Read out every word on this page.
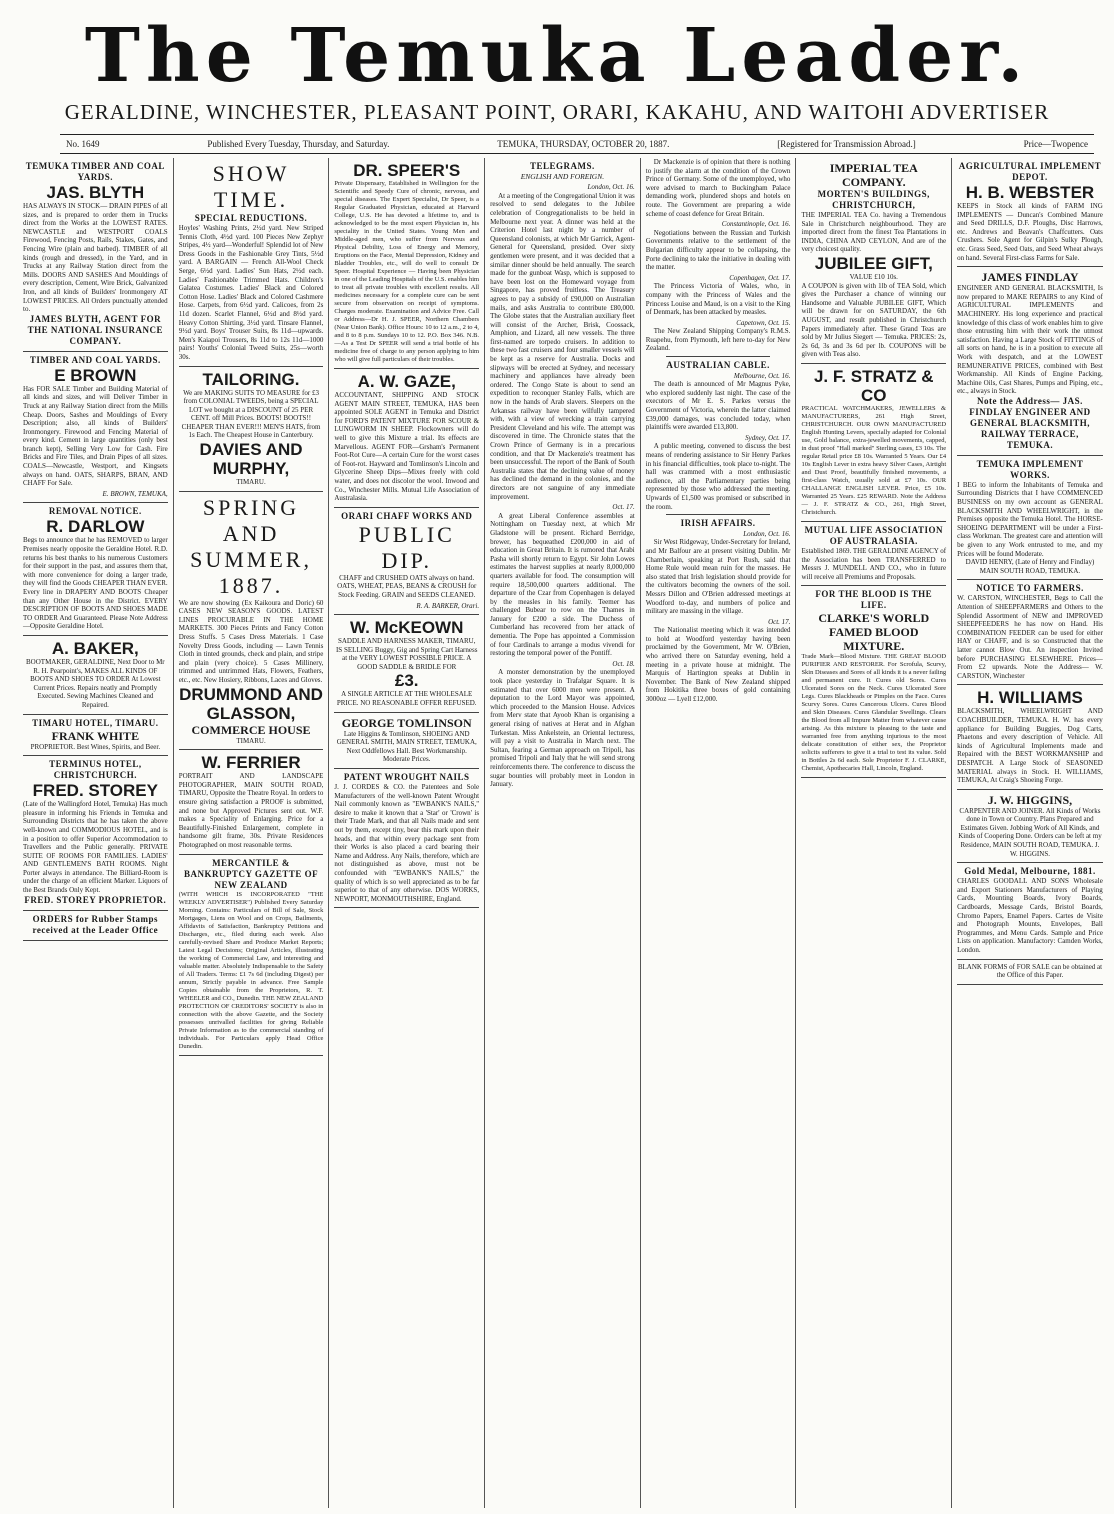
The Temuka Leader.
GERALDINE, WINCHESTER, PLEASANT POINT, ORARI, KAKAHU, AND WAITOHI ADVERTISER
No. 1649	Published Every Tuesday, Thursday, and Saturday.	TEMUKA, THURSDAY, OCTOBER 20, 1887.	[Registered for Transmission Abroad.]	Price—Twopence
TEMUKA TIMBER AND COAL YARDS.
JAS. BLYTH
HAS ALWAYS IN STOCK— DRAIN PIPES of all sizes, and is prepared to order them in Trucks direct from the Works at the LOWEST RATES. NEWCASTLE and WESTPORT COALS Firewood, Fencing Posts, Rails, Stakes, Gates, and Fencing Wire (plain and barbed). TIMBER of all kinds (rough and dressed), in the Yard, and in Trucks at any Railway Station direct from the Mills. DOORS AND SASHES And Mouldings of every description, Cement, Wire Brick, Galvanized Iron, and all kinds of Builders' Ironmongery AT LOWEST PRICES. All Orders punctually attended to.
JAMES BLYTH, AGENT FOR THE NATIONAL INSURANCE COMPANY.
TIMBER AND COAL YARDS.
E BROWN
Has FOR SALE Timber and Building Material of all kinds and sizes, and will Deliver Timber in Truck at any Railway Station direct from the Mills Cheap. Doors, Sashes and Mouldings of Every Description; also, all kinds of Builders' Ironmongery. Firewood and Fencing Material of every kind. Cement in large quantities (only best branch kept), Selling Very Low for Cash. Fire Bricks and Fire Tiles, and Drain Pipes of all sizes. COALS—Newcastle, Westport, and Kingsets always on hand. OATS, SHARPS, BRAN, AND CHAFF For Sale.
E. BROWN, TEMUKA,
REMOVAL NOTICE.
R. DARLOW
Begs to announce that he has REMOVED to larger Premises nearly opposite the Geraldine Hotel. R.D. returns his best thanks to his numerous Customers for their support in the past, and assures them that, with more convenience for doing a larger trade, they will find the Goods CHEAPER THAN EVER. Every line in DRAPERY AND BOOTS Cheaper than any Other House in the District. EVERY DESCRIPTION OF BOOTS AND SHOES MADE TO ORDER And Guaranteed. Please Note Address—Opposite Geraldine Hotel.
A. BAKER,
BOOTMAKER, GERALDINE, Next Door to Mr R. H. Pearpoint's, MAKES ALL KINDS OF BOOTS AND SHOES TO ORDER At Lowest Current Prices. Repairs neatly and Promptly Executed. Sewing Machines Cleaned and Repaired.
TIMARU HOTEL, TIMARU.
FRANK WHITE
PROPRIETOR. Best Wines, Spirits, and Beer.
TERMINUS HOTEL, CHRISTCHURCH.
FRED. STOREY
(Late of the Wallingford Hotel, Temuka) Has much pleasure in informing his Friends in Temuka and Surrounding Districts that he has taken the above well-known and COMMODIOUS HOTEL, and is in a position to offer Superior Accommodation to Travellers and the Public generally. PRIVATE SUITE OF ROOMS FOR FAMILIES. LADIES' AND GENTLEMEN'S BATH ROOMS. Night Porter always in attendance. The Billiard-Room is under the charge of an efficient Marker. Liquors of the Best Brands Only Kept.
FRED. STOREY PROPRIETOR.
ORDERS for Rubber Stamps received at the Leader Office
SHOW TIME.
SPECIAL REDUCTIONS.
Hoyles' Washing Prints, 2½d yard. New Striped Tennis Cloth, 4½d yard. 100 Pieces New Zephyr Stripes, 4½ yard—Wonderful! Splendid lot of New Dress Goods in the Fashionable Grey Tints, 5½d yard. A BARGAIN — French All-Wool Check Serge, 6½d yard. Ladies' Sun Hats, 2½d each. Ladies' Fashionable Trimmed Hats. Children's Galatea Costumes. Ladies' Black and Colored Cotton Hose. Ladies' Black and Colored Cashmere Hose. Carpets, from 6½d yard. Calicoes, from 2s 11d dozen. Scarlet Flannel, 6½d and 8½d yard. Heavy Cotton Shirting, 3½d yard. Tinsare Flannel, 9½d yard. Boys' Trouser Suits, 8s 11d—upwards. Men's Kaiapoi Trousers, 8s 11d to 12s 11d—1000 pairs! Youths' Colonial Tweed Suits, 25s—worth 30s.
TAILORING.
We are MAKING SUITS TO MEASURE for £3 from COLONIAL TWEEDS, being a SPECIAL LOT we bought at a DISCOUNT of 25 PER CENT. off Mill Prices. BOOTS! BOOTS!! CHEAPER THAN EVER!!! MEN'S HATS, from 1s Each. The Cheapest House in Canterbury.
DAVIES AND MURPHY,
TIMARU.
SPRING AND SUMMER, 1887.
We are now showing (Ex Kaikoura and Doric) 60 CASES NEW SEASON'S GOODS. LATEST LINES PROCURABLE IN THE HOME MARKETS. 300 Pieces Prints and Fancy Cotton Dress Stuffs. 5 Cases Dress Materials. 1 Case Novelty Dress Goods, including — Lawn Tennis Cloth in tinted grounds, check and plain, and stripe and plain (very choice). 5 Cases Millinery, trimmed and untrimmed Hats, Flowers, Feathers, etc., etc. New Hosiery, Ribbons, Laces and Gloves.
DRUMMOND AND GLASSON,
COMMERCE HOUSE
TIMARU.
W. FERRIER
PORTRAIT AND LANDSCAPE PHOTOGRAPHER, MAIN SOUTH ROAD, TIMARU, Opposite the Theatre Royal. In orders to ensure giving satisfaction a PROOF is submitted, and none but Approved Pictures sent out. W.F. makes a Speciality of Enlarging. Price for a Beautifully-Finished Enlargement, complete in handsome gilt frame, 30s. Private Residences Photographed on most reasonable terms.
MERCANTILE & BANKRUPTCY GAZETTE OF NEW ZEALAND
(WITH WHICH IS INCORPORATED "THE WEEKLY ADVERTISER") Published Every Saturday Morning. Contains: Particulars of Bill of Sale, Stock Mortgages, Liens on Wool and on Crops, Bailments, Affidavits of Satisfaction, Bankruptcy Petitions and Discharges, etc., filed during each week. Also carefully-revised Share and Produce Market Reports; Latest Legal Decisions; Original Articles, illustrating the working of Commercial Law, and interesting and valuable matter. Absolutely Indispensable to the Safety of All Traders. Terms: £1 7s 6d (including Digest) per annum, Strictly payable in advance. Free Sample Copies obtainable from the Proprietors, R. T. WHEELER and CO., Dunedin. THE NEW ZEALAND PROTECTION OF CREDITORS' SOCIETY is also in connection with the above Gazette, and the Society possesses unrivalled facilities for giving Reliable Private Information as to the commercial standing of individuals. For Particulars apply Head Office Dunedin.
DR. SPEER'S
Private Dispensary, Established in Wellington for the Scientific and Speedy Cure of chronic, nervous, and special diseases. The Expert Specialist, Dr Speer, is a Regular Graduated Physician, educated at Harvard College, U.S. He has devoted a lifetime to, and is acknowledged to be the most expert Physician in, his speciality in the United States. Young Men and Middle-aged men, who suffer from Nervous and Physical Debility, Loss of Energy and Memory, Eruptions on the Face, Mental Depression, Kidney and Bladder Troubles, etc., will do well to consult Dr Speer. Hospital Experience — Having been Physician in one of the Leading Hospitals of the U.S. enables him to treat all private troubles with excellent results. All medicines necessary for a complete cure can be sent secure from observation on receipt of symptoms. Charges moderate. Examination and Advice Free. Call or Address—Dr H. J. SPEER, Northern Chambers (Near Union Bank). Office Hours: 10 to 12 a.m., 2 to 4, and 8 to 8 p.m. Sundays 10 to 12. P.O. Box 346. N.B.—As a Test Dr SPEER will send a trial bottle of his medicine free of charge to any person applying to him who will give full particulars of their troubles.
A. W. GAZE,
ACCOUNTANT, SHIPPING AND STOCK AGENT MAIN STREET, TEMUKA, HAS been appointed SOLE AGENT in Temuka and District for FORD'S PATENT MIXTURE FOR SCOUR & LUNGWORM IN SHEEP. Flockowners will do well to give this Mixture a trial. Its effects are Marvellous. AGENT FOR—Grsham's Permanent Foot-Rot Cure—A certain Cure for the worst cases of Foot-rot. Hayward and Tomlinson's Lincoln and Glycerine Sheep Dips—Mixes freely with cold water, and does not discolor the wool. Inwood and Co., Winchester Mills. Mutual Life Association of Australasia.
ORARI CHAFF WORKS AND
PUBLIC DIP.
CHAFF and CRUSHED OATS always on hand. OATS, WHEAT, PEAS, BEANS & CROUSH for Stock Feeding. GRAIN and SEEDS CLEANED.
R. A. BARKER, Orari.
W. McKEOWN
SADDLE AND HARNESS MAKER, TIMARU, IS SELLING Buggy, Gig and Spring Cart Harness at the VERY LOWEST POSSIBLE PRICE. A GOOD SADDLE & BRIDLE FOR
£3.
A SINGLE ARTICLE AT THE WHOLESALE PRICE. NO REASONABLE OFFER REFUSED.
GEORGE TOMLINSON
Late Higgins & Tomlinson, SHOEING AND GENERAL SMITH, MAIN STREET, TEMUKA, Next Oddfellows Hall. Best Workmanship. Moderate Prices.
PATENT WROUGHT NAILS
J. J. CORDES & CO. the Patentees and Sole Manufacturers of the well-known Patent Wrought Nail commonly known as "EWBANK'S NAILS," desire to make it known that a 'Star' or 'Crown' is their Trade Mark, and that all Nails made and sent out by them, except tiny, bear this mark upon their heads, and that within every package sent from their Works is also placed a card bearing their Name and Address. Any Nails, therefore, which are not distinguished as above, must not be confounded with "EWBANK'S NAILS," the quality of which is so well appreciated as to be far superior to that of any otherwise. DOS WORKS, NEWPORT, MONMOUTHSHIRE, England.
TELEGRAMS.
ENGLISH AND FOREIGN.
London, Oct. 16.
At a meeting of the Congregational Union it was resolved to send delegates to the Jubilee celebration of Congregationalists to be held in Melbourne next year. A dinner was held at the Criterion Hotel last night by a number of Queensland colonists, at which Mr Garrick, Agent-General for Queensland, presided. Over sixty gentlemen were present, and it was decided that a similar dinner should be held annually. The search made for the gunboat Wasp, which is supposed to have been lost on the Homeward voyage from Singapore, has proved fruitless. The Treasury agrees to pay a subsidy of £90,000 on Australian mails, and asks Australia to contribute £80,000. The Globe states that the Australian auxiliary fleet will consist of the Archer, Brisk, Coossack, Amphion, and Lizard, all new vessels. The three first-named are torpedo cruisers. In addition to these two fast cruisers and four smaller vessels will be kept as a reserve for Australia. Docks and slipways will be erected at Sydney, and necessary machinery and appliances have already been ordered. The Congo State is about to send an expedition to reconquer Stanley Falls, which are now in the hands of Arab slavers. Sleepers on the Arkansas railway have been wilfully tampered with, with a view of wrecking a train carrying President Cleveland and his wife. The attempt was discovered in time. The Chronicle states that the Crown Prince of Germany is in a precarious condition, and that Dr Mackenzie's treatment has been unsuccessful. The report of the Bank of South Australia states that the declining value of money has declined the demand in the colonies, and the directors are not sanguine of any immediate improvement.
Oct. 17.
A great Liberal Conference assembles at Nottingham on Tuesday next, at which Mr Gladstone will be present. Richard Berridge, brewer, has bequeathed £200,000 in aid of education in Great Britain. It is rumored that Arabi Pasha will shortly return to Egypt. Sir John Lowes estimates the harvest supplies at nearly 8,000,000 quarters available for food. The consumption will require 18,500,000 quarters additional. The departure of the Czar from Copenhagen is delayed by the measles in his family. Teemer has challenged Bubear to row on the Thames in January for £200 a side. The Duchess of Cumberland has recovered from her attack of dementia. The Pope has appointed a Commission of four Cardinals to arrange a modus vivendi for restoring the temporal power of the Pontiff.
Oct. 18.
A monster demonstration by the unemployed took place yesterday in Trafalgar Square. It is estimated that over 6000 men were present. A deputation to the Lord Mayor was appointed, which proceeded to the Mansion House. Advices from Merv state that Ayoob Khan is organising a general rising of natives at Herat and in Afghan Turkestan. Miss Ankelstein, an Oriental lecturess, will pay a visit to Australia in March next. The Sultan, fearing a German approach on Tripoli, has promised Tripoli and Italy that he will send strong reinforcements there. The conference to discuss the sugar bounties will probably meet in London in January.
Dr Mackenzie is of opinion that there is nothing to justify the alarm at the condition of the Crown Prince of Germany. Some of the unemployed, who were advised to march to Buckingham Palace demanding work, plundered shops and hotels en route. The Government are preparing a wide scheme of coast defence for Great Britain.
Constantinople, Oct. 16.
Negotiations between the Russian and Turkish Governments relative to the settlement of the Bulgarian difficulty appear to be collapsing, the Porte declining to take the initiative in dealing with the matter.
Copenhagen, Oct. 17.
The Princess Victoria of Wales, who, in company with the Princess of Wales and the Princess Louise and Maud, is on a visit to the King of Denmark, has been attacked by measles.
Capetown, Oct. 15.
The New Zealand Shipping Company's R.M.S. Ruapehu, from Plymouth, left here to-day for New Zealand.
AUSTRALIAN CABLE.
Melbourne, Oct. 16.
The death is announced of Mr Magnus Pyke, who explored suddenly last night. The case of the executors of Mr E. S. Parkes versus the Government of Victoria, wherein the latter claimed £39,000 damages, was concluded today, when plaintiffs were awarded £13,800.
Sydney, Oct. 17.
A public meeting, convened to discuss the best means of rendering assistance to Sir Henry Parkes in his financial difficulties, took place to-night. The hall was crammed with a most enthusiastic audience, all the Parliamentary parties being represented by those who addressed the meeting. Upwards of £1,500 was promised or subscribed in the room.
IRISH AFFAIRS.
London, Oct. 16.
Sir West Ridgeway, Under-Secretary for Ireland, and Mr Balfour are at present visiting Dublin. Mr Chamberlain, speaking at Port Rush, said that Home Rule would mean ruin for the masses. He also stated that Irish legislation should provide for the cultivators becoming the owners of the soil. Messrs Dillon and O'Brien addressed meetings at Woodford to-day, and numbers of police and military are massing in the village.
Oct. 17.
The Nationalist meeting which it was intended to hold at Woodford yesterday having been proclaimed by the Government, Mr W. O'Brien, who arrived there on Saturday evening, held a meeting in a private house at midnight. The Marquis of Hartington speaks at Dublin in November. The Bank of New Zealand shipped from Hokitika three boxes of gold containing 3000oz — Lyell £12,000.
IMPERIAL TEA COMPANY.
MORTEN'S BUILDINGS, CHRISTCHURCH,
THE IMPERIAL TEA Co. having a Tremendous Sale in Christchurch neighbourhood. They are imported direct from the finest Tea Plantations in INDIA, CHINA AND CEYLON, And are of the very choicest quality.
JUBILEE GIFT,
VALUE £10 10s.
A COUPON is given with 1lb of TEA Sold, which gives the Purchaser a chance of winning our Handsome and Valuable JUBILEE GIFT, Which will be drawn for on SATURDAY, the 6th AUGUST, and result published in Christchurch Papers immediately after. These Grand Teas are sold by Mr Julius Siegert — Temuka. PRICES: 2s, 2s 6d, 3s and 3s 6d per lb. COUPONS will be given with Teas also.
J. F. STRATZ & CO
PRACTICAL WATCHMAKERS, JEWELLERS & MANUFACTURERS, 261 High Street, CHRISTCHURCH. OUR OWN MANUFACTURED English Hunting Levers, specially adapted for Colonial use, Gold balance, extra-jewelled movements, capped, in dust proof "Hall marked" Sterling cases, £3 10s. The regular Retail price £8 10s. Warranted 5 Years. Our £4 10s English Lever in extra heavy Silver Cases, Airtight and Dust Proof, beautifully finished movements, a first-class Watch, usually sold at £7 10s. OUR CHALLANGE ENGLISH LEVER. Price, £5 10s. Warranted 25 Years. £25 REWARD. Note the Address— J. F. STRATZ & CO., 261, High Street, Christchurch.
MUTUAL LIFE ASSOCIATION OF AUSTRALASIA.
Established 1869. THE GERALDINE AGENCY of the Association has been TRANSFERRED to Messrs J. MUNDELL AND CO., who in future will receive all Premiums and Proposals.
FOR THE BLOOD IS THE LIFE.
CLARKE'S WORLD FAMED BLOOD MIXTURE.
Trade Mark—Blood Mixture. THE GREAT BLOOD PURIFIER AND RESTORER. For Scrofula, Scurvy, Skin Diseases and Sores of all kinds it is a never failing and permanent cure. It Cures old Sores. Cures Ulcerated Sores on the Neck. Cures Ulcerated Sore Legs. Cures Blackheads or Pimples on the Face. Cures Scurvy Sores. Cures Cancerous Ulcers. Cures Blood and Skin Diseases. Cures Glandular Swellings. Clears the Blood from all Impure Matter from whatever cause arising. As this mixture is pleasing to the taste and warranted free from anything injurious to the most delicate constitution of either sex, the Proprietor solicits sufferers to give it a trial to test its value. Sold in Bottles 2s 6d each. Sole Proprietor F. J. CLARKE, Chemist, Apothecaries Hall, Lincoln, England.
AGRICULTURAL IMPLEMENT DEPOT.
H. B. WEBSTER
KEEPS in Stock all kinds of FARM ING IMPLEMENTS — Duncan's Combined Manure and Seed DRILLS, D.F. Ploughs, Disc Harrows, etc. Andrews and Beavan's Chaffcutters. Oats Crushers. Sole Agent for Gilpin's Sulky Plough, etc. Grass Seed, Seed Oats, and Seed Wheat always on hand. Several First-class Farms for Sale.
JAMES FINDLAY
ENGINEER AND GENERAL BLACKSMITH, Is now prepared to MAKE REPAIRS to any Kind of AGRICULTURAL IMPLEMENTS and MACHINERY. His long experience and practical knowledge of this class of work enables him to give those entrusting him with their work the utmost satisfaction. Having a Large Stock of FITTINGS of all sorts on hand, he is in a position to execute all Work with despatch, and at the LOWEST REMUNERATIVE PRICES, combined with Best Workmanship. All Kinds of Engine Packing, Machine Oils, Cast Shares, Pumps and Piping, etc., etc., always in Stock.
Note the Address— JAS. FINDLAY ENGINEER AND GENERAL BLACKSMITH, RAILWAY TERRACE, TEMUKA.
TEMUKA IMPLEMENT WORKS.
I BEG to inform the Inhabitants of Temuka and Surrounding Districts that I have COMMENCED BUSINESS on my own account as GENERAL BLACKSMITH AND WHEELWRIGHT, in the Premises opposite the Temuka Hotel. The HORSE-SHOEING DEPARTMENT will be under a First-class Workman. The greatest care and attention will be given to any Work entrusted to me, and my Prices will be found Moderate.
DAVID HENRY, (Late of Henry and Findlay) MAIN SOUTH ROAD, TEMUKA.
NOTICE TO FARMERS.
W. CARSTON, WINCHESTER, Begs to Call the Attention of SHEEPFARMERS and Others to the Splendid Assortment of NEW and IMPROVED SHEEPFEEDERS he has now on Hand. His COMBINATION FEEDER can be used for either HAY or CHAFF, and is so Constructed that the latter cannot Blow Out. An inspection Invited before PURCHASING ELSEWHERE. Prices—From £2 upwards. Note the Address— W. CARSTON, Winchester
H. WILLIAMS
BLACKSMITH, WHEELWRIGHT AND COACHBUILDER, TEMUKA. H. W. has every appliance for Building Buggies, Dog Carts, Phaetons and every description of Vehicle. All kinds of Agricultural Implements made and Repaired with the BEST WORKMANSHIP and DESPATCH. A Large Stock of SEASONED MATERIAL always in Stock. H. WILLIAMS, TEMUKA, At Craig's Shoeing Forge.
J. W. HIGGINS,
CARPENTER AND JOINER. All Kinds of Works done in Town or Country. Plans Prepared and Estimates Given. Jobbing Work of All Kinds, and Kinds of Coopering Done. Orders can be left at my Residence, MAIN SOUTH ROAD, TEMUKA. J. W. HIGGINS.
Gold Medal, Melbourne, 1881.
CHARLES GOODALL AND SONS Wholesale and Export Stationers Manufacturers of Playing Cards, Mounting Boards, Ivory Boards, Cardboards, Message Cards, Bristol Boards, Chromo Papers, Enamel Papers. Cartes de Visite and Photograph Mounts, Envelopes, Ball Programmes, and Menu Cards. Sample and Price Lists on application. Manufactory: Camden Works, London.
BLANK FORMS of FOR SALE can be obtained at the Office of this Paper.
